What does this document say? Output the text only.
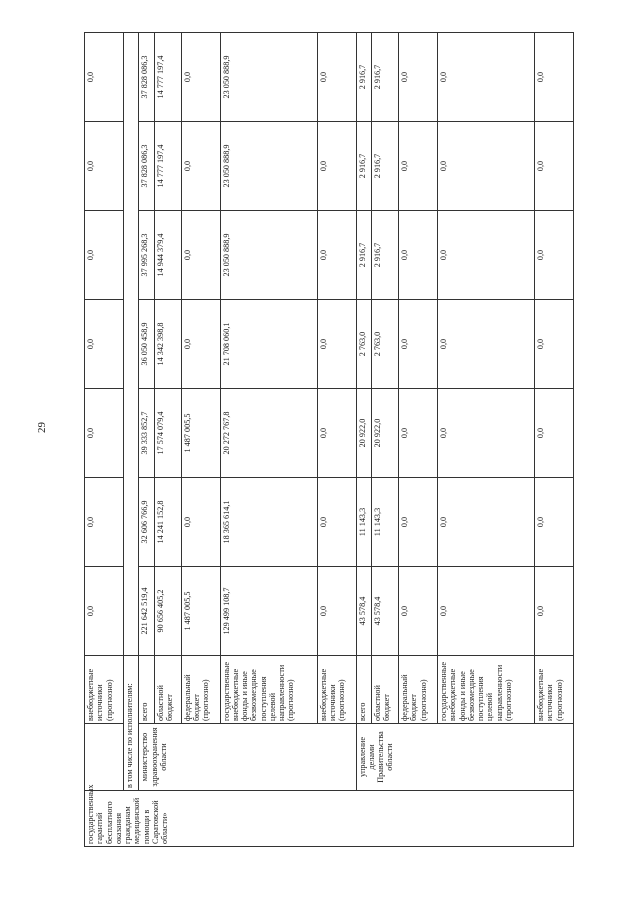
29
государственных гарантий бесплатного оказания гражданам медицинской помощи в Саратовской области»		внебюджетные источники (прогнозно)	0,0	0,0	0,0	0,0	0,0	0,0	0,0
	в том числе по исполнителям:								
	министерство здравоохранения области	всего	221 642 519,4	32 606 766,9	39 333 852,7	36 050 458,9	37 995 268,3	37 828 086,3	37 828 086,3
		областной бюджет	90 656 405,2	14 241 152,8	17 574 079,4	14 342 398,8	14 944 379,4	14 777 197,4	14 777 197,4
		федеральный бюджет (прогнозно)	1 487 005,5	0,0	1 487 005,5	0,0	0,0	0,0	0,0
		государственные внебюджетные фонды и иные безвозмездные поступления целевой направленности (прогнозно)	129 499 108,7	18 365 614,1	20 272 767,8	21 708 060,1	23 050 888,9	23 050 888,9	23 050 888,9
		внебюджетные источники (прогнозно)	0,0	0,0	0,0	0,0	0,0	0,0	0,0
	управление делами Правительства области	всего	43 578,4	11 143,3	20 922,0	2 763,0	2 916,7	2 916,7	2 916,7
		областной бюджет	43 578,4	11 143,3	20 922,0	2 763,0	2 916,7	2 916,7	2 916,7
		федеральный бюджет (прогнозно)	0,0	0,0	0,0	0,0	0,0	0,0	0,0
		государственные внебюджетные фонды и иные безвозмездные поступления целевой направленности (прогнозно)	0,0	0,0	0,0	0,0	0,0	0,0	0,0
		внебюджетные источники (прогнозно)	0,0	0,0	0,0	0,0	0,0	0,0	0,0
